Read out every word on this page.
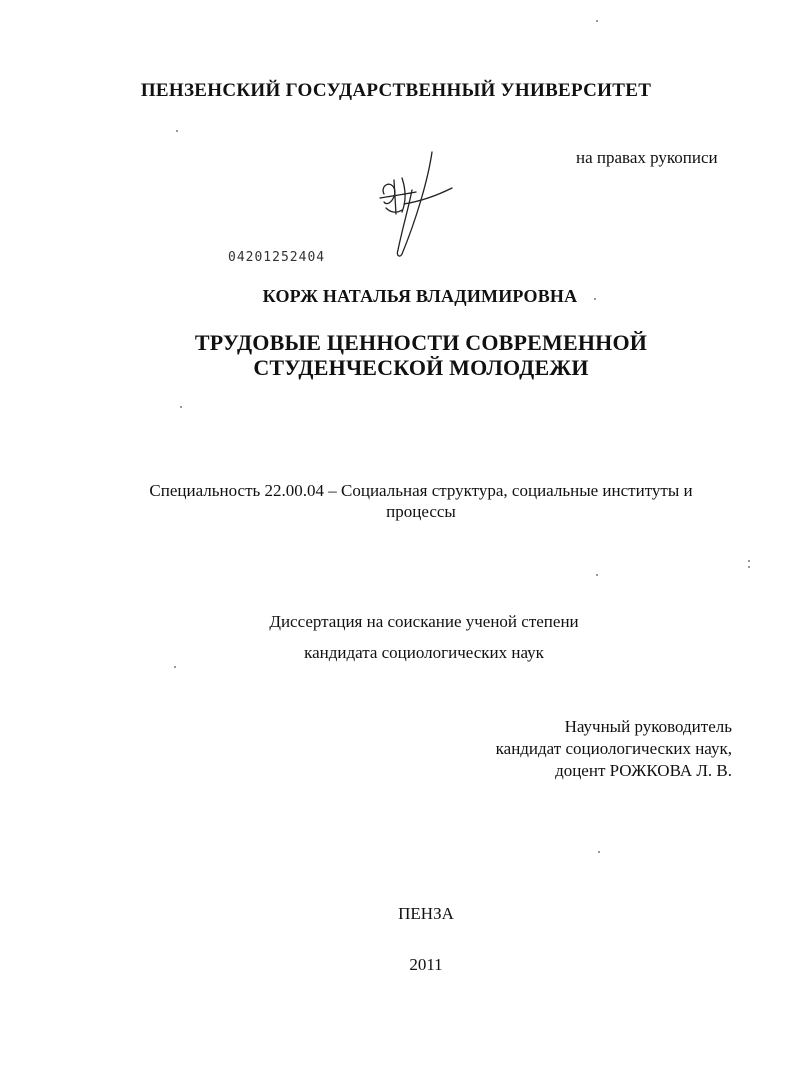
ПЕНЗЕНСКИЙ ГОСУДАРСТВЕННЫЙ УНИВЕРСИТЕТ
на правах рукописи
04201252404
КОРЖ НАТАЛЬЯ ВЛАДИМИРОВНА
ТРУДОВЫЕ ЦЕННОСТИ СОВРЕМЕННОЙ
СТУДЕНЧЕСКОЙ МОЛОДЕЖИ
Специальность 22.00.04 – Социальная структура, социальные институты и
процессы
Диссертация на соискание ученой степени
кандидата социологических наук
Научный руководитель
кандидат социологических наук,
доцент РОЖКОВА Л. В.
ПЕНЗА
2011
